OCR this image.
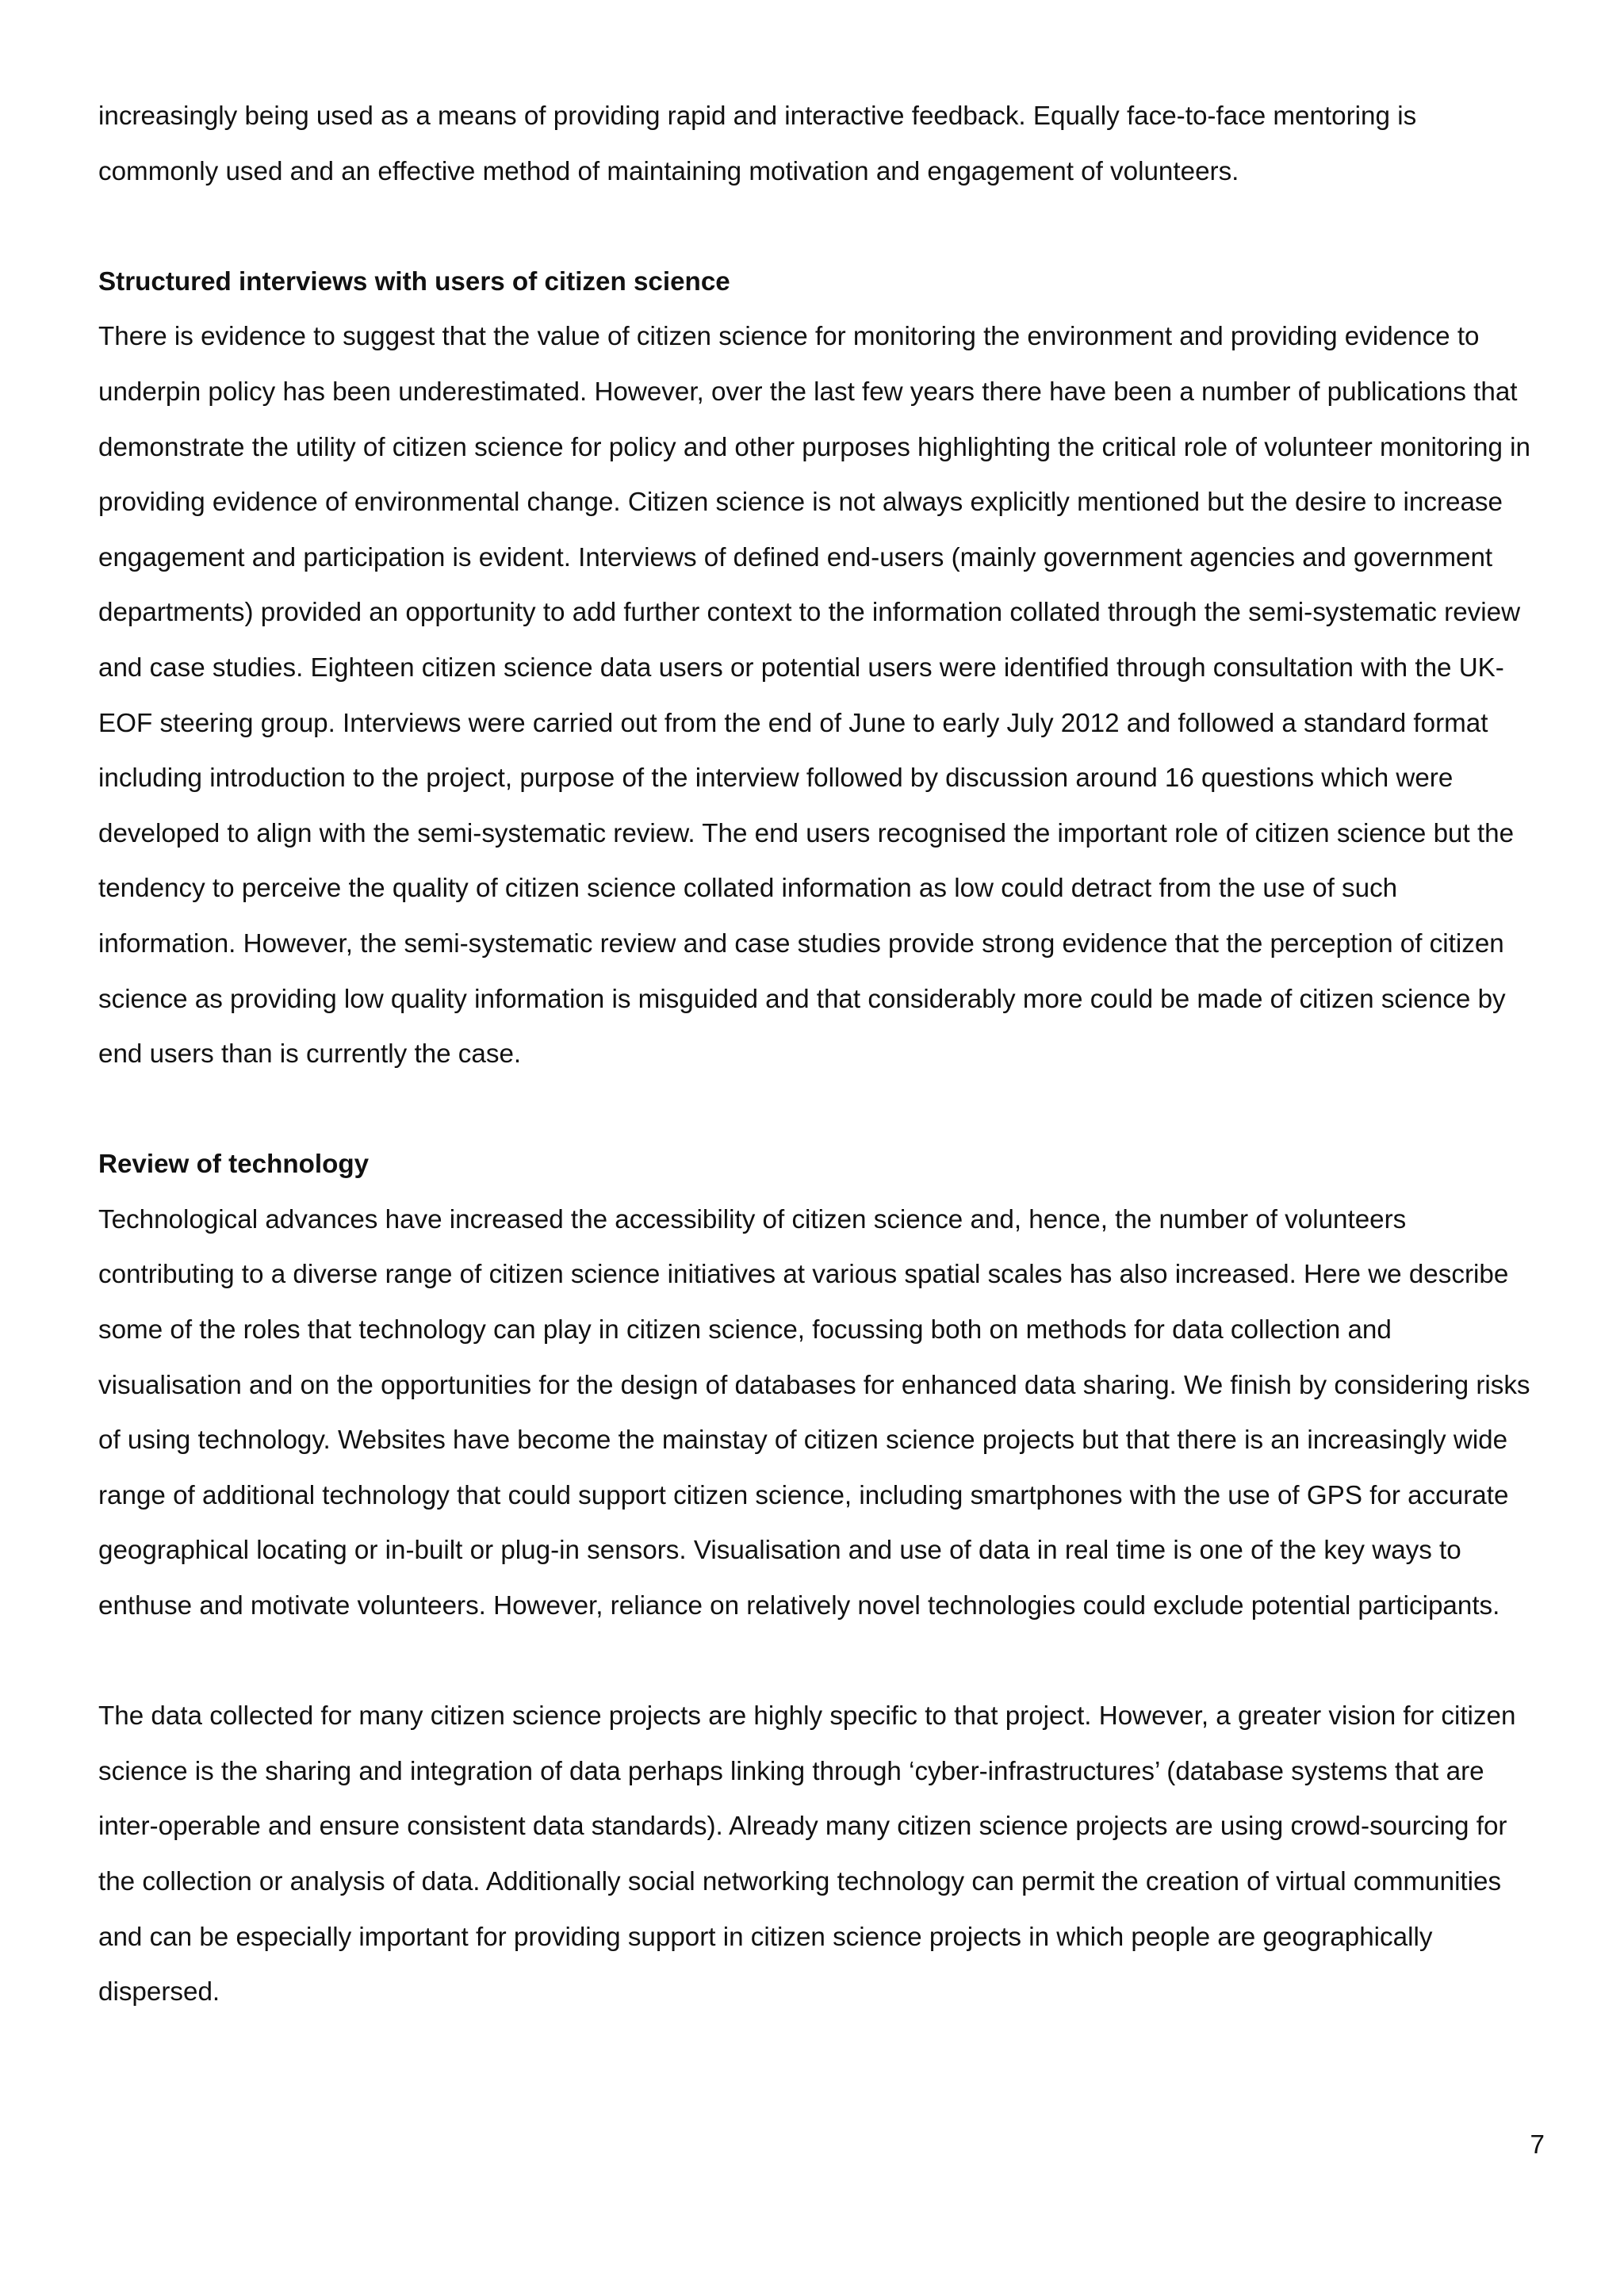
increasingly being used as a means of providing rapid and interactive feedback. Equally face-to-face mentoring is commonly used and an effective method of maintaining motivation and engagement of volunteers.

Structured interviews with users of citizen science

There is evidence to suggest that the value of citizen science for monitoring the environment and providing evidence to underpin policy has been underestimated. However, over the last few years there have been a number of publications that demonstrate the utility of citizen science for policy and other purposes highlighting the critical role of volunteer monitoring in providing evidence of environmental change. Citizen science is not always explicitly mentioned but the desire to increase engagement and participation is evident. Interviews of defined end-users (mainly government agencies and government departments) provided an opportunity to add further context to the information collated through the semi-systematic review and case studies. Eighteen citizen science data users or potential users were identified through consultation with the UK-EOF steering group. Interviews were carried out from the end of June to early July 2012 and followed a standard format including introduction to the project, purpose of the interview followed by discussion around 16 questions which were developed to align with the semi-systematic review. The end users recognised the important role of citizen science but the tendency to perceive the quality of citizen science collated information as low could detract from the use of such information. However, the semi-systematic review and case studies provide strong evidence that the perception of citizen science as providing low quality information is misguided and that considerably more could be made of citizen science by end users than is currently the case.

Review of technology

Technological advances have increased the accessibility of citizen science and, hence, the number of volunteers contributing to a diverse range of citizen science initiatives at various spatial scales has also increased. Here we describe some of the roles that technology can play in citizen science, focussing both on methods for data collection and visualisation and on the opportunities for the design of databases for enhanced data sharing. We finish by considering risks of using technology. Websites have become the mainstay of citizen science projects but that there is an increasingly wide range of additional technology that could support citizen science, including smartphones with the use of GPS for accurate geographical locating or in-built or plug-in sensors. Visualisation and use of data in real time is one of the key ways to enthuse and motivate volunteers. However, reliance on relatively novel technologies could exclude potential participants.

The data collected for many citizen science projects are highly specific to that project. However, a greater vision for citizen science is the sharing and integration of data perhaps linking through ‘cyber-infrastructures’ (database systems that are inter-operable and ensure consistent data standards). Already many citizen science projects are using crowd-sourcing for the collection or analysis of data. Additionally social networking technology can permit the creation of virtual communities and can be especially important for providing support in citizen science projects in which people are geographically dispersed.

7
